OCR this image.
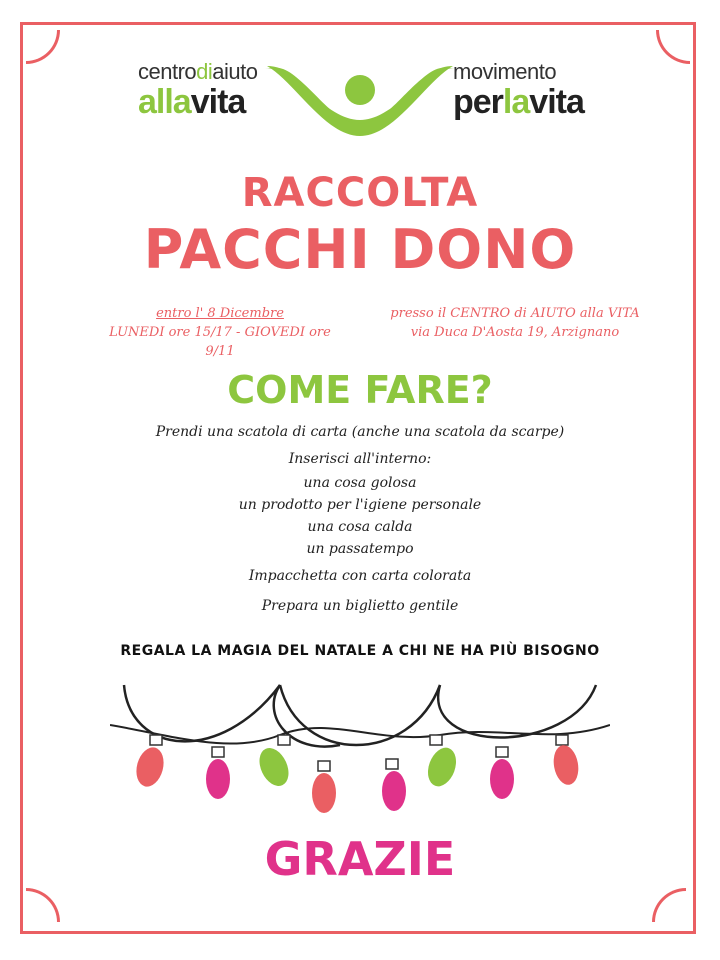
centrodiaiuto
allavita
movimento
perlavita
RACCOLTA
PACCHI DONO
entro l' 8 Dicembre
LUNEDI ore 15/17 - GIOVEDI ore 9/11
presso il CENTRO di AIUTO alla VITA
via Duca D'Aosta 19, Arzignano
COME FARE?
Prendi una scatola di carta (anche una scatola da scarpe)
Inserisci all'interno:
una cosa golosa
un prodotto per l'igiene personale
una cosa calda
un passatempo
Impacchetta con carta colorata
Prepara un biglietto gentile
REGALA LA MAGIA DEL NATALE A CHI NE HA PIÙ BISOGNO
GRAZIE
